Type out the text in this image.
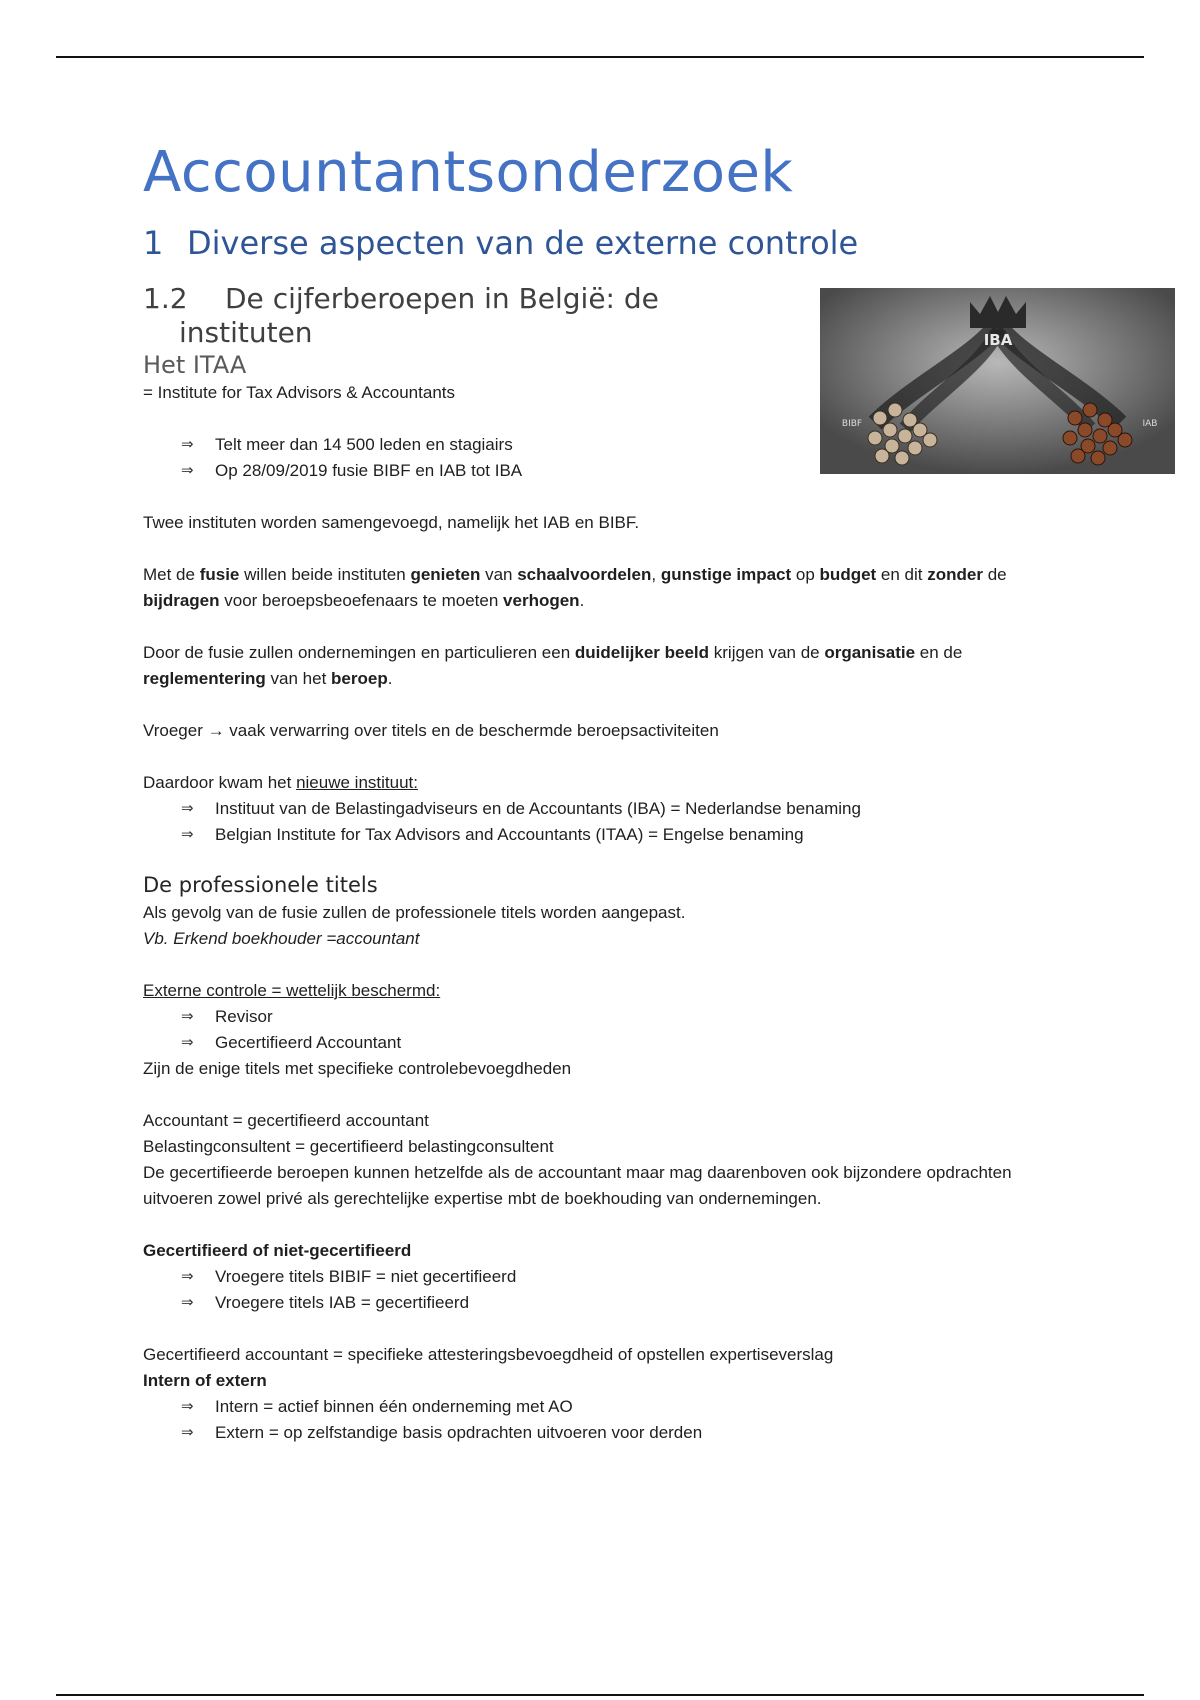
IBA
BIBF	IAB
Accountantsonderzoek
1 Diverse aspecten van de externe controle
1.2 De cijferberoepen in België: de instituten
Het ITAA

= Institute for Tax Advisors & Accountants

⇒ Telt meer dan 14 500 leden en stagiairs
⇒ Op 28/09/2019 fusie BIBF en IAB tot IBA

Twee instituten worden samengevoegd, namelijk het IAB en BIBF.

Met de fusie willen beide instituten genieten van schaalvoordelen, gunstige impact op budget en dit zonder de bijdragen voor beroepsbeoefenaars te moeten verhogen.

Door de fusie zullen ondernemingen en particulieren een duidelijker beeld krijgen van de organisatie en de reglementering van het beroep.

Vroeger → vaak verwarring over titels en de beschermde beroepsactiviteiten

Daardoor kwam het nieuwe instituut:

⇒ Instituut van de Belastingadviseurs en de Accountants (IBA) = Nederlandse benaming
⇒ Belgian Institute for Tax Advisors and Accountants (ITAA) = Engelse benaming
De professionele titels

Als gevolg van de fusie zullen de professionele titels worden aangepast.

Vb. Erkend boekhouder =accountant

Externe controle = wettelijk beschermd:

⇒ Revisor
⇒ Gecertifieerd Accountant

Zijn de enige titels met specifieke controlebevoegdheden

Accountant = gecertifieerd accountant

Belastingconsultent = gecertifieerd belastingconsultent

De gecertifieerde beroepen kunnen hetzelfde als de accountant maar mag daarenboven ook bijzondere opdrachten uitvoeren zowel privé als gerechtelijke expertise mbt de boekhouding van ondernemingen.

Gecertifieerd of niet-gecertifieerd

⇒ Vroegere titels BIBIF = niet gecertifieerd
⇒ Vroegere titels IAB = gecertifieerd

Gecertifieerd accountant = specifieke attesteringsbevoegdheid of opstellen expertiseverslag

Intern of extern

⇒ Intern = actief binnen één onderneming met AO
⇒ Extern = op zelfstandige basis opdrachten uitvoeren voor derden
